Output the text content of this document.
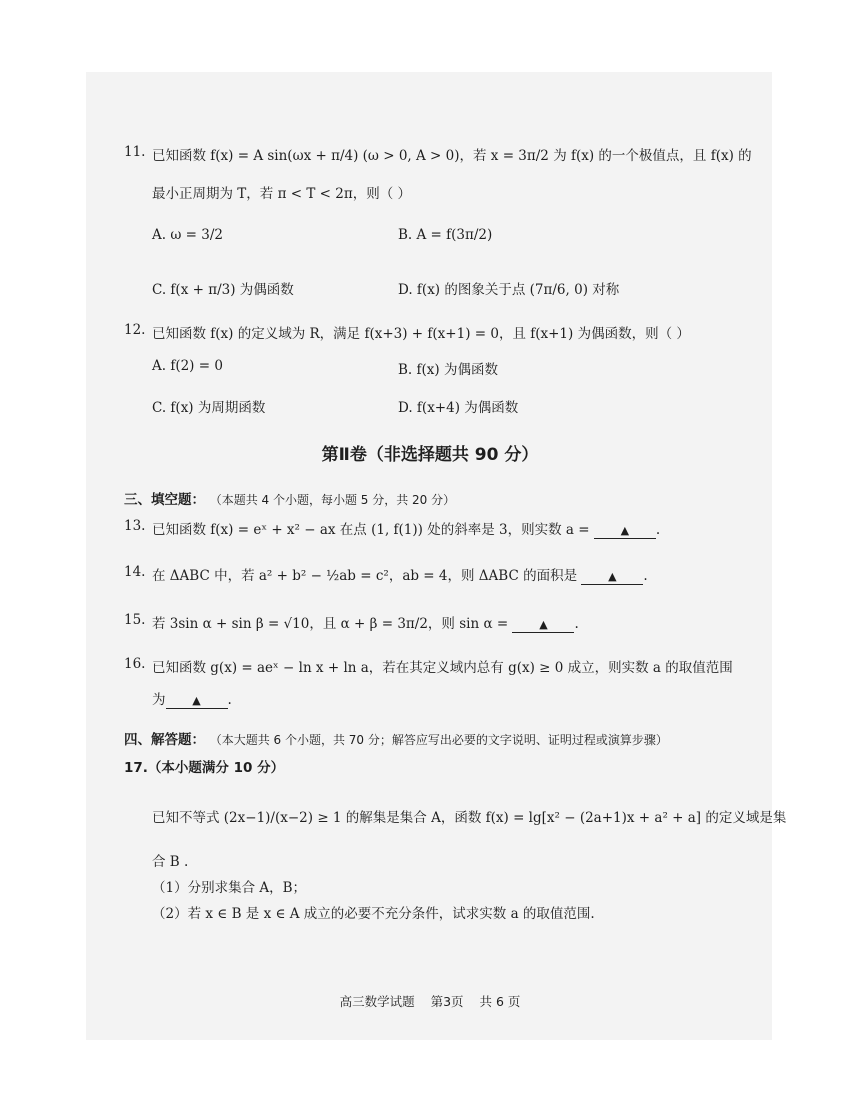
11. 已知函数 f(x) = A sin(ωx + π/4) (ω > 0, A > 0)，若 x = 3π/2 为 f(x) 的一个极值点，且 f(x) 的
最小正周期为 T，若 π < T < 2π，则（ ）
A. ω = 3/2	B. A = f(3π/2)
C. f(x + π/3) 为偶函数	D. f(x) 的图象关于点 (7π/6, 0) 对称
12. 已知函数 f(x) 的定义域为 R，满足 f(x+3) + f(x+1) = 0，且 f(x+1) 为偶函数，则（ ）
A. f(2) = 0	B. f(x) 为偶函数
C. f(x) 为周期函数	D. f(x+4) 为偶函数
第Ⅱ卷（非选择题共 90 分）
三、填空题： （本题共 4 个小题，每小题 5 分，共 20 分）
13. 已知函数 f(x) = eˣ + x² − ax 在点 (1, f(1)) 处的斜率是 3，则实数 a =	▲ .
14. 在 ΔABC 中，若 a² + b² − ½ab = c²，ab = 4，则 ΔABC 的面积是	▲ .
15. 若 3sin α + sin β = √10，且 α + β = 3π/2，则 sin α =	▲ .
16. 已知函数 g(x) = aeˣ − ln x + ln a，若在其定义域内总有 g(x) ≥ 0 成立，则实数 a 的取值范围
为 ▲ .
四、解答题： （本大题共 6 个小题，共 70 分；解答应写出必要的文字说明、证明过程或演算步骤）
17.（本小题满分 10 分）
已知不等式 (2x−1)/(x−2) ≥ 1 的解集是集合 A，函数 f(x) = lg[x² − (2a+1)x + a² + a] 的定义域是集
合 B .
（1）分别求集合 A，B；
（2）若 x ∈ B 是 x ∈ A 成立的必要不充分条件，试求实数 a 的取值范围.
高三数学试题 第3页 共 6 页
